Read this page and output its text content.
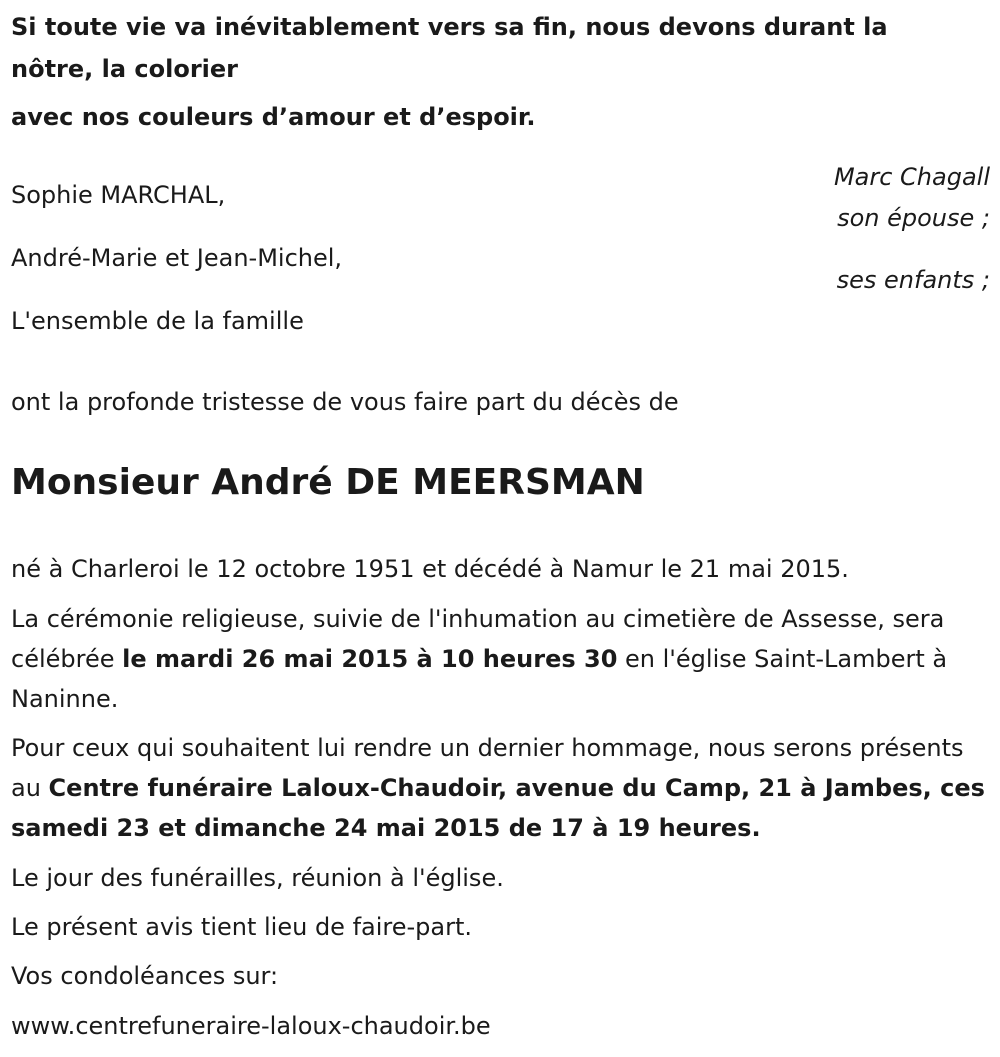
Si toute vie va inévitablement vers sa fin, nous devons durant la nôtre, la colorier

avec nos couleurs d’amour et d’espoir.

Marc Chagall
Sophie MARCHAL,
son épouse ;
André-Marie et Jean-Michel,
ses enfants ;
L'ensemble de la famille
ont la profonde tristesse de vous faire part du décès de
Monsieur André DE MEERSMAN

né à Charleroi le 12 octobre 1951 et décédé à Namur le 21 mai 2015.

La cérémonie religieuse, suivie de l'inhumation au cimetière de Assesse, sera célébrée le mardi 26 mai 2015 à 10 heures 30 en l'église Saint-Lambert à Naninne.

Pour ceux qui souhaitent lui rendre un dernier hommage, nous serons présents au Centre funéraire Laloux-Chaudoir, avenue du Camp, 21 à Jambes, ces samedi 23 et dimanche 24 mai 2015 de 17 à 19 heures.

Le jour des funérailles, réunion à l'église.

Le présent avis tient lieu de faire-part.

Vos condoléances sur:

www.centrefuneraire-laloux-chaudoir.be
